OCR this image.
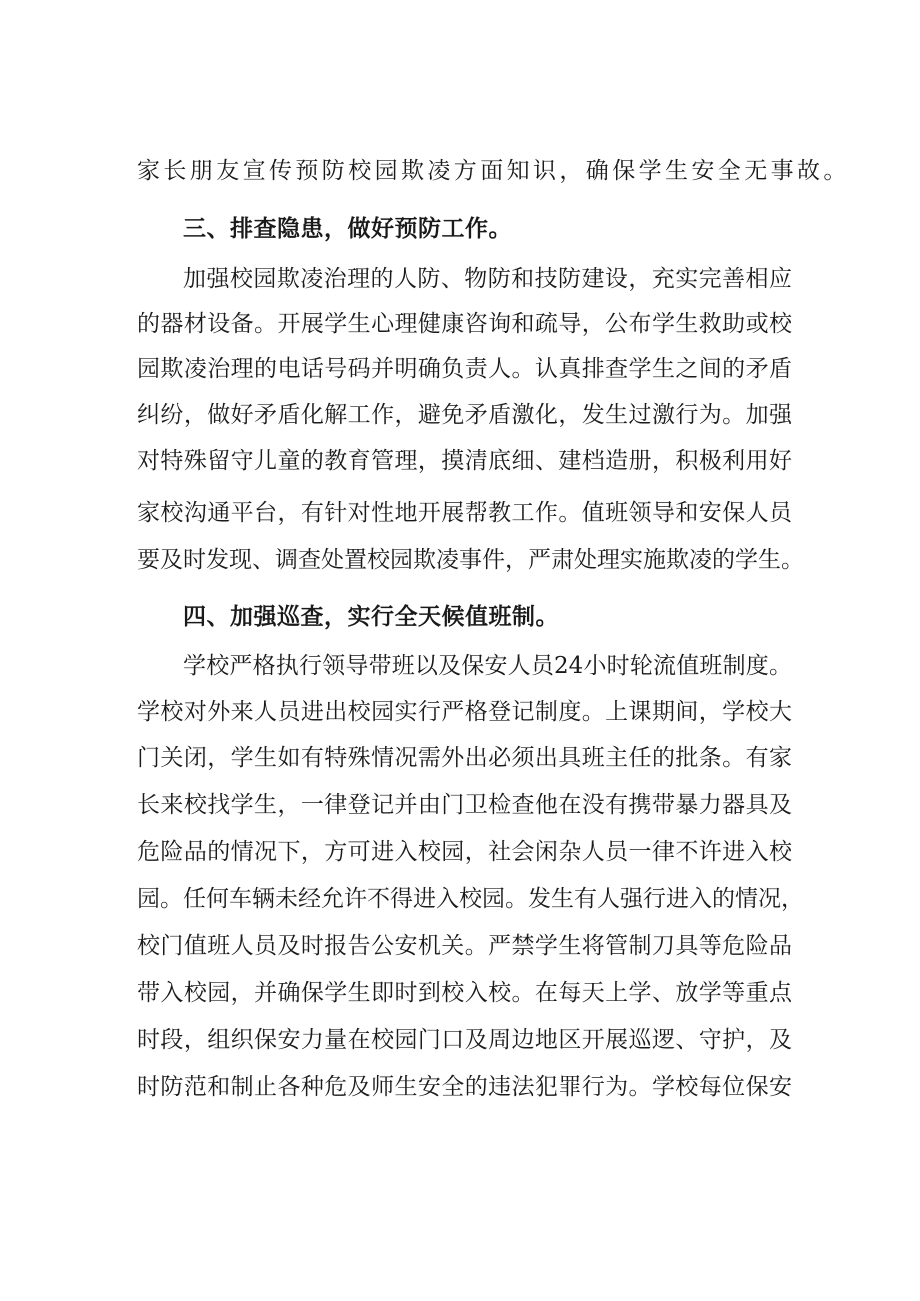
家长朋友宣传预防校园欺凌方面知识，确保学生安全无事故。
三、排查隐患，做好预防工作。
加强校园欺凌治理的人防、物防和技防建设，充实完善相应
的器材设备。开展学生心理健康咨询和疏导，公布学生救助或校
园欺凌治理的电话号码并明确负责人。认真排查学生之间的矛盾
纠纷，做好矛盾化解工作，避免矛盾激化，发生过激行为。加强
对特殊留守儿童的教育管理，摸清底细、建档造册，积极利用好
家校沟通平台，有针对性地开展帮教工作。值班领导和安保人员
要及时发现、调查处置校园欺凌事件，严肃处理实施欺凌的学生。
四、加强巡查，实行全天候值班制。
学校严格执行领导带班以及保安人员24小时轮流值班制度。
学校对外来人员进出校园实行严格登记制度。上课期间，学校大
门关闭，学生如有特殊情况需外出必须出具班主任的批条。有家
长来校找学生，一律登记并由门卫检查他在没有携带暴力器具及
危险品的情况下，方可进入校园，社会闲杂人员一律不许进入校
园。任何车辆未经允许不得进入校园。发生有人强行进入的情况，
校门值班人员及时报告公安机关。严禁学生将管制刀具等危险品
带入校园，并确保学生即时到校入校。在每天上学、放学等重点
时段，组织保安力量在校园门口及周边地区开展巡逻、守护，及
时防范和制止各种危及师生安全的违法犯罪行为。学校每位保安
